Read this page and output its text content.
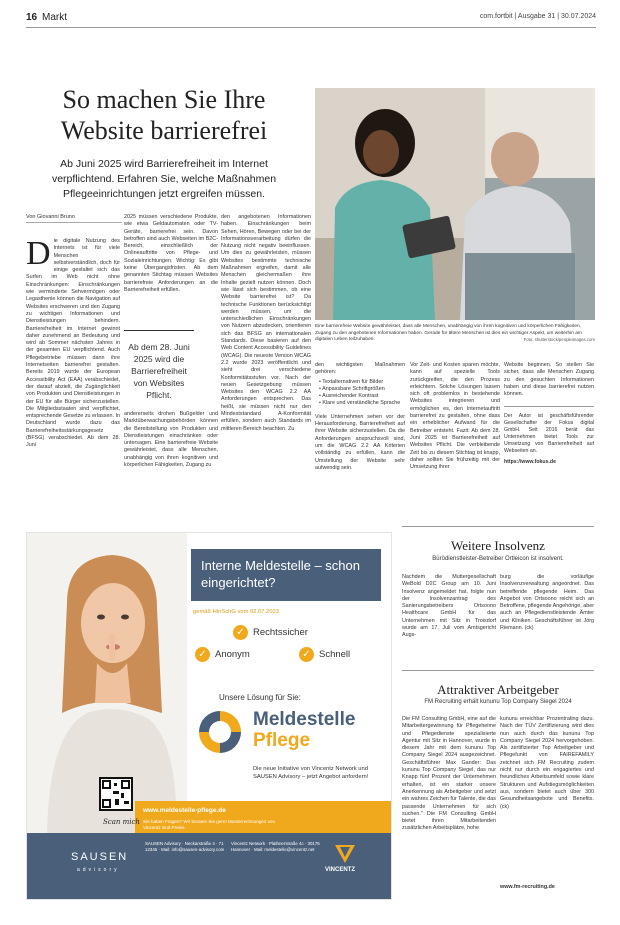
16 Markt	com.fortbit | Ausgabe 31 | 30.07.2024
So machen Sie Ihre
Website barrierefrei
Ab Juni 2025 wird Barrierefreiheit im Internet verpflichtend. Erfahren Sie, welche Maßnahmen Pflegeeinrichtungen jetzt ergreifen müssen.
Von Giovanni Bruno
D ie digitale Nutzung des Internets ist für viele Menschen selbstverständlich, doch für einige gestaltet sich das Surfen im Web nicht ohne Einschränkungen: Einschränkungen wie verminderte Sehvermögen oder Legasthenie können die Navigation auf Websites erschweren und den Zugang zu wichtigen Informationen und Dienstleistungen behindern. Barrierefreiheit im Internet gewinnt daher zunehmend an Bedeutung und wird ab Sommer nächsten Jahres in der gesamten EU verpflichtend. Auch Pflegebetriebe müssen dann ihre Internetseiten barrierefrei gestalten. Bereits 2019 wurde der European Accessibility Act (EAA) verabschiedet, der darauf abzielt, die Zugänglichkeit von Produkten und Dienstleistungen in der EU für alle Bürger sicherzustellen. Die Mitgliedsstaaten sind verpflichtet, entsprechende Gesetze zu erlassen. In Deutschland wurde dazu das Barrierefreiheitsstärkungsgesetz (BFSG) verabschiedet. Ab dem 28. Juni
2025 müssen verschiedene Produkte, wie etwa Geldautomaten oder TV-Geräte, barrierefrei sein. Davon betroffen sind auch Webseiten im B2C-Bereich, einschließlich der Onlineauftritte von Pflege- und Sozialeinrichtungen. Wichtig: Es gibt keine Übergangsfristen. Ab dem genannten Stichtag müssen Websites barrierefreie Anforderungen an die Barrierefreiheit erfüllen.
Ab dem 28. Juni 2025 wird die Barrierefreiheit von Websites Pflicht.
andererseits drohen Bußgelder und Marktüberwachungsbehörden können die Bereitstellung von Produkten und Dienstleistungen einschränken oder untersagen. Eine barrierefreie Website gewährleistet, dass alle Menschen, unabhängig von ihren kognitiven und körperlichen Fähigkeiten, Zugang zu
den angebotenen Informationen haben. Einschränkungen beim Sehen, Hören, Bewegen oder bei der Informationsverarbeitung dürfen die Nutzung nicht negativ beeinflussen. Um dies zu gewährleisten, müssen Websites bestimmte technische Maßnahmen ergreifen, damit alle Menschen gleichermaßen ihre Inhalte gezielt nutzen können. Doch wie lässt sich bestimmen, ob eine Website barrierefrei ist? Da technische Funktionen berücksichtigt werden müssen, um die unterschiedlichen Einschränkungen von Nutzern abzudecken, orientieren sich das BFSG an internationalen Standards. Diese basieren auf den Web Content Accessibility Guidelines (WCAG). Die neueste Version WCAG 2.2 wurde 2023 veröffentlicht und sieht drei verschiedene Konformitätsstufen vor. Nach der neuen Gesetzgebung müssen Websites den WCAG 2.2 AA Anforderungen entsprechen. Das heißt, sie müssen nicht nur den Mindeststandard A-Konformität erfüllen, sondern auch Standards im mittleren Bereich beachten. Zu
Eine barrierefreie Website gewährleistet, dass alle Menschen, unabhängig von ihren kognitiven und körperlichen Fähigkeiten, Zugang zu den angebotenen Informationen haben. Gerade für ältere Menschen ist dies ein wichtiger Aspekt, um weiterhin am digitalen Leben teilzuhaben.	Foto: shutterstock/peopleimages.com
den wichtigsten Maßnahmen gehören:
• Textalternativen für Bilder
• Anpassbare Schriftgrößen
• Ausreichender Kontrast
• Klare und verständliche Sprache
Viele Unternehmen sehen vor der Herausforderung, Barrierefreiheit auf ihrer Website sicherzustellen. Da die Anforderungen anspruchsvoll sind, um die WCAG 2.2 AA Kriterien vollständig zu erfüllen, kann die Umstellung der Website sehr aufwendig sein.
Vor Zeit- und Kosten sparen möchte, kann auf spezielle Tools zurückgreifen, die den Prozess erleichtern. Solche Lösungen lassen sich oft problemlos in bestehende Websites integrieren und ermöglichen es, den Internetauftritt barrierefrei zu gestalten, ohne dass ein erheblicher Aufwand für die Betreiber entsteht. Fazit: Ab dem 28. Juni 2025 ist Barrierefreiheit auf Websites Pflicht. Die verbleibende Zeit bis zu diesem Stichtag ist knapp, daher sollten Sie frühzeitig mit der Umsetzung ihrer
Website beginnen. So stellen Sie sicher, dass alle Menschen Zugang zu den gesuchten Informationen haben und diese barrierefrei nutzen können.
Der Autor ist geschäftsführender Gesellschafter der Fokus digital GmbH. Seit 2016 berät das Unternehmen bietet Tools zur Umsetzung von Barrierefreiheit auf Webseiten an.
https://www.fokus.de
Interne Meldestelle – schon eingerichtet?
gemäß HinSchG vom 02.07.2023
✓ Rechtssicher
✓ Anonym	✓ Schnell
Unsere Lösung für Sie:
Meldestelle
Pflege
Die neue Initiative von Vincentz Network und SAUSEN Advisory – jetzt Angebot anfordern!
www.meldestelle-pflege.de
Sie haben Fragen? Wir beraten Sie gern! Musterrechnungen von Vincentz sind Preise.
Scan mich
SAUSEN
advisory
SAUSEN Advisory · Neckarstraße 4 · 71 12345 · Mail: info@sausen-advisory.com
Vincentz Network · Plathnerstraße 4c · 30175 Hannover · Mail: meldestelle@vincentz.net
VINCENTZ
Weitere Insolvenz
Bürödienstleister-Betreiber Ortleicon ist insolvent.
Nachdem die Muttergesellschaft WeBold D2C Group am 10. Juni Insolvenz angemeldet hat, folgte nun der Insolvenzantrag des Sanierungsbetreibers Ortsoono Healthcare GmbH für das Unternehmen mit Sitz in Troisdorf wurde am 17. Juli vom Amtsgericht Augs-
burg die vorläufige Insolvenzverwaltung angeordnet. Das betreffende pflegende Heim. Das Angebot von Ortsoono reicht sich an Betroffene, pflegende Angehörige, aber auch an Pflegedienstleistende Ämter und Kliniken. Geschäftsführer ist Jörg Riemann. (ck)
Attraktiver Arbeitgeber
FM Recruiting erhält kununu Top Company Siegel 2024
Die FM Consulting GmbH, eine auf die Mitarbeitergewinnung für Pflegeheime und Pflegedienste spezialisierte Agentur mit Sitz in Hannover, wurde in diesem Jahr mit dem kununu Top Company Siegel 2024 ausgezeichnet. Geschäftsführer Max Gander: Das kununu Top Company Siegel, das nur Knapp fünf Prozent der Unternehmen erhalten, ist ein starker unsere Anerkennung als Arbeitgeber und setzt ein wahres Zeichen für Talente, die das passende Unternehmen für sich suchen." Die FM Consulting GmbH bietet ihren Mitarbeitenden zusätzlichen Arbeitsplätze, hohe
kununu erreichbar Prozentrating dazu. Nach der TÜV Zertifizierung wird dies nun auch durch das kununu Top Company Siegel 2024 hervorgehoben. Als zertifizierter Top Arbeitgeber und Pflegefunkt von FAIREFAMILY zeichnet sich FM Recruiting zudem nicht nur durch ein engagiertes und freundliches Arbeitsumfeld sowie klare Strukturen und Aufstiegsmöglichkeiten aus, sondern bietet auch über 300 Gesundheitsangebote und Benefits. (ck)
www.fm-recruiting.de
